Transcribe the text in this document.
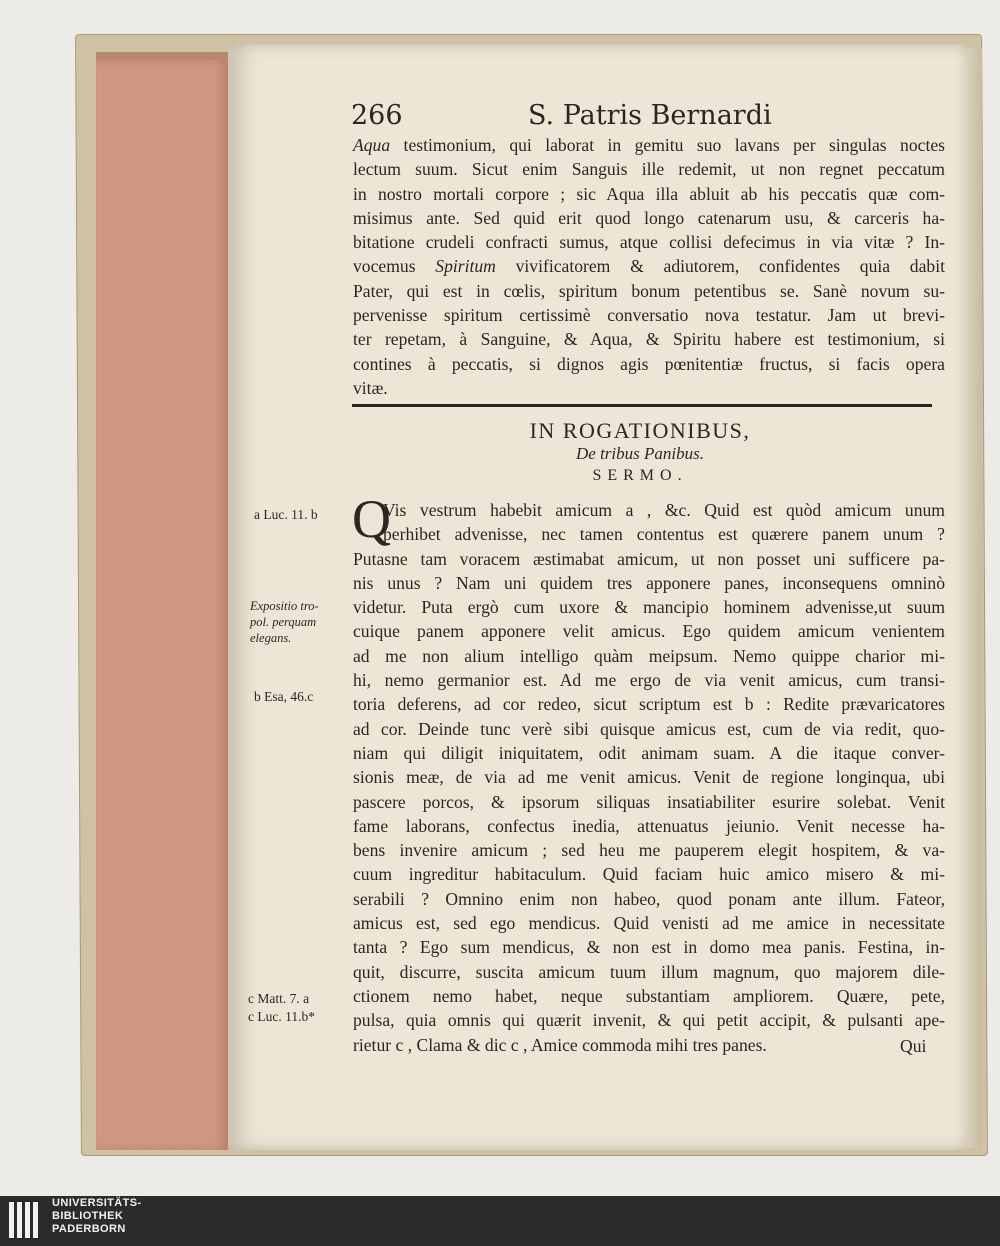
266	S. Patris Bernardi
Aqua testimonium, qui laborat in gemitu suo lavans per singulas noctes
lectum suum. Sicut enim Sanguis ille redemit, ut non regnet peccatum
in nostro mortali corpore ; sic Aqua illa abluit ab his peccatis quæ com-
misimus ante. Sed quid erit quod longo catenarum usu, & carceris ha-
bitatione crudeli confracti sumus, atque collisi defecimus in via vitæ ? In-
vocemus Spiritum vivificatorem & adiutorem, confidentes quia dabit
Pater, qui est in cœlis, spiritum bonum petentibus se. Sanè novum su-
pervenisse spiritum certissimè conversatio nova testatur. Jam ut brevi-
ter repetam, à Sanguine, & Aqua, & Spiritu habere est testimonium, si
contines à peccatis, si dignos agis pœnitentiæ fructus, si facis opera
vitæ.
IN ROGATIONIBUS,
De tribus Panibus.
SERMO.
Q
Vis vestrum habebit amicum a , &c. Quid est quòd amicum unum
perhibet advenisse, nec tamen contentus est quærere panem unum ?
Putasne tam voracem æstimabat amicum, ut non posset uni sufficere pa-
nis unus ? Nam uni quidem tres apponere panes, inconsequens omninò
videtur. Puta ergò cum uxore & mancipio hominem advenisse,ut suum
cuique panem apponere velit amicus. Ego quidem amicum venientem
ad me non alium intelligo quàm meipsum. Nemo quippe charior mi-
hi, nemo germanior est. Ad me ergo de via venit amicus, cum transi-
toria deferens, ad cor redeo, sicut scriptum est b : Redite prævaricatores
ad cor. Deinde tunc verè sibi quisque amicus est, cum de via redit, quo-
niam qui diligit iniquitatem, odit animam suam. A die itaque conver-
sionis meæ, de via ad me venit amicus. Venit de regione longinqua, ubi
pascere porcos, & ipsorum siliquas insatiabiliter esurire solebat. Venit
fame laborans, confectus inedia, attenuatus jeiunio. Venit necesse ha-
bens invenire amicum ; sed heu me pauperem elegit hospitem, & va-
cuum ingreditur habitaculum. Quid faciam huic amico misero & mi-
serabili ? Omnino enim non habeo, quod ponam ante illum. Fateor,
amicus est, sed ego mendicus. Quid venisti ad me amice in necessitate
tanta ? Ego sum mendicus, & non est in domo mea panis. Festina, in-
quit, discurre, suscita amicum tuum illum magnum, quo majorem dile-
ctionem nemo habet, neque substantiam ampliorem. Quære, pete,
pulsa, quia omnis qui quærit invenit, & qui petit accipit, & pulsanti ape-
rietur c , Clama & dic c , Amice commoda mihi tres panes.
a Luc. 11. b
Expositio tro-
pol. perquam
elegans.
b Esa, 46.c
c Matt. 7. a
c Luc. 11.b*
Qui
UNIVERSITÄTS-
BIBLIOTHEK
PADERBORN
